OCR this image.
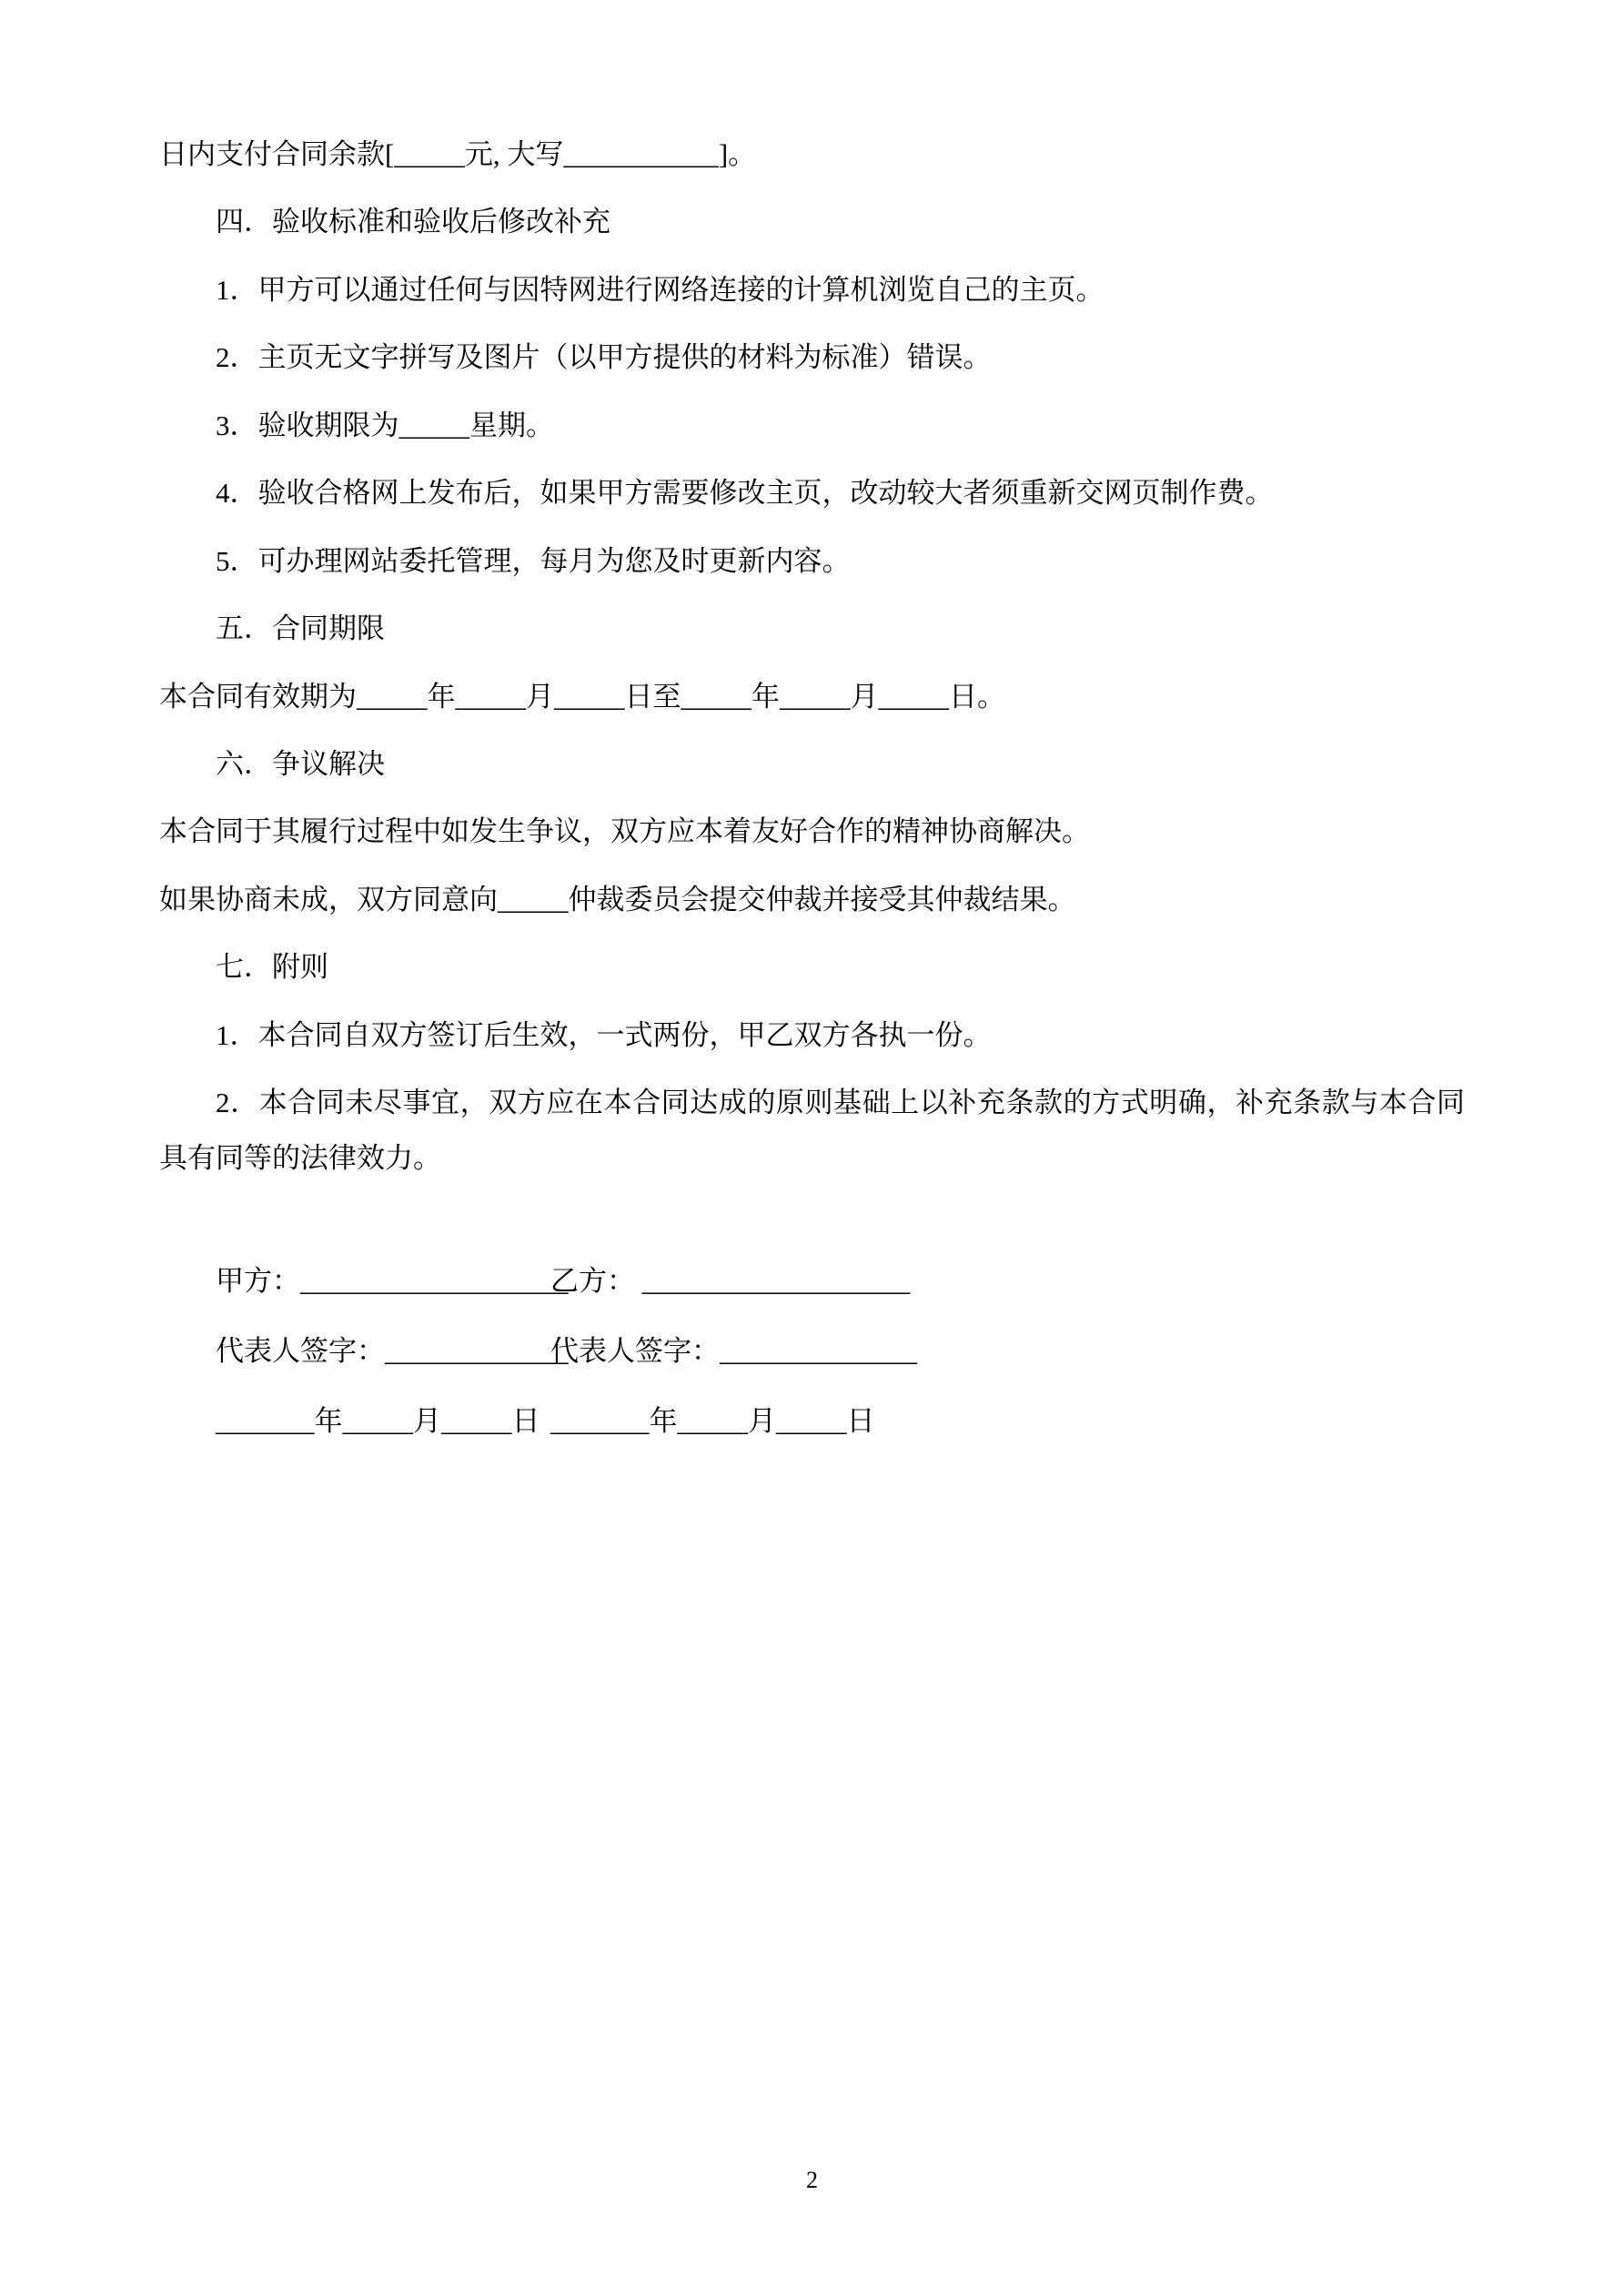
日内支付合同余款[_____元, 大写___________]。

四．验收标准和验收后修改补充

1．甲方可以通过任何与因特网进行网络连接的计算机浏览自己的主页。

2．主页无文字拼写及图片（以甲方提供的材料为标准）错误。

3．验收期限为_____星期。

4．验收合格网上发布后，如果甲方需要修改主页，改动较大者须重新交网页制作费。

5．可办理网站委托管理，每月为您及时更新内容。

五．合同期限

本合同有效期为_____年_____月_____日至_____年_____月_____日。

六．争议解决

本合同于其履行过程中如发生争议，双方应本着友好合作的精神协商解决。

如果协商未成，双方同意向_____仲裁委员会提交仲裁并接受其仲裁结果。

七．附则

1．本合同自双方签订后生效，一式两份，甲乙双方各执一份。

2．本合同未尽事宜，双方应在本合同达成的原则基础上以补充条款的方式明确，补充条款与本合同具有同等的法律效力。

甲方：___________________
乙方： ___________________
代表人签字：_____________
代表人签字：______________
_______年_____月_____日 _______年_____月_____日
2
